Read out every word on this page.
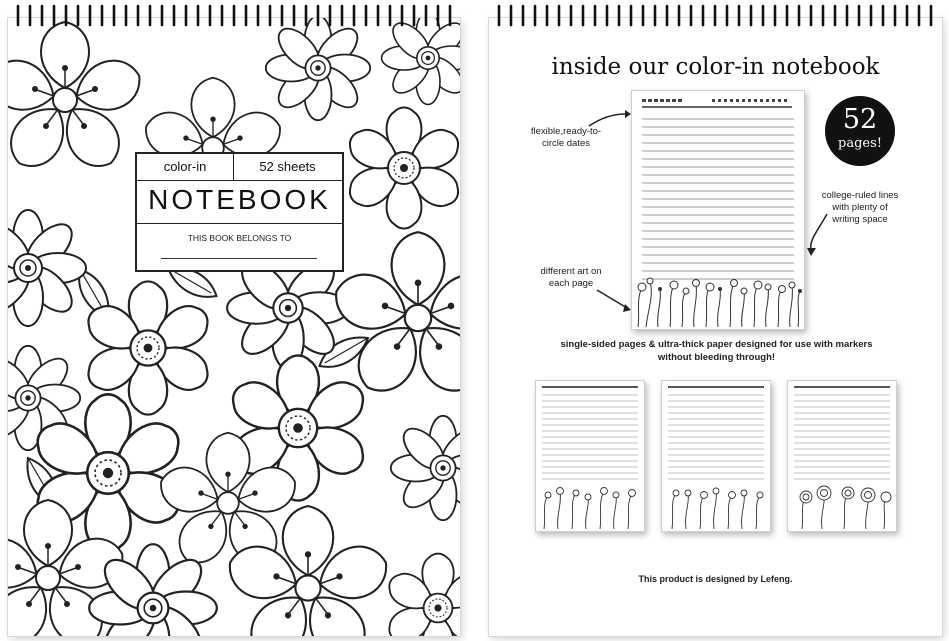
color-in	52 sheets
NOTEBOOK
THIS BOOK BELONGS TO
inside our color-in notebook
52
pages!
flexible,ready-to-circle dates
college-ruled lines with plenty of writing space
different art on each page
single-sided pages & ultra-thick paper designed for use with markers without bleeding through!
This product is designed by Lefeng.
